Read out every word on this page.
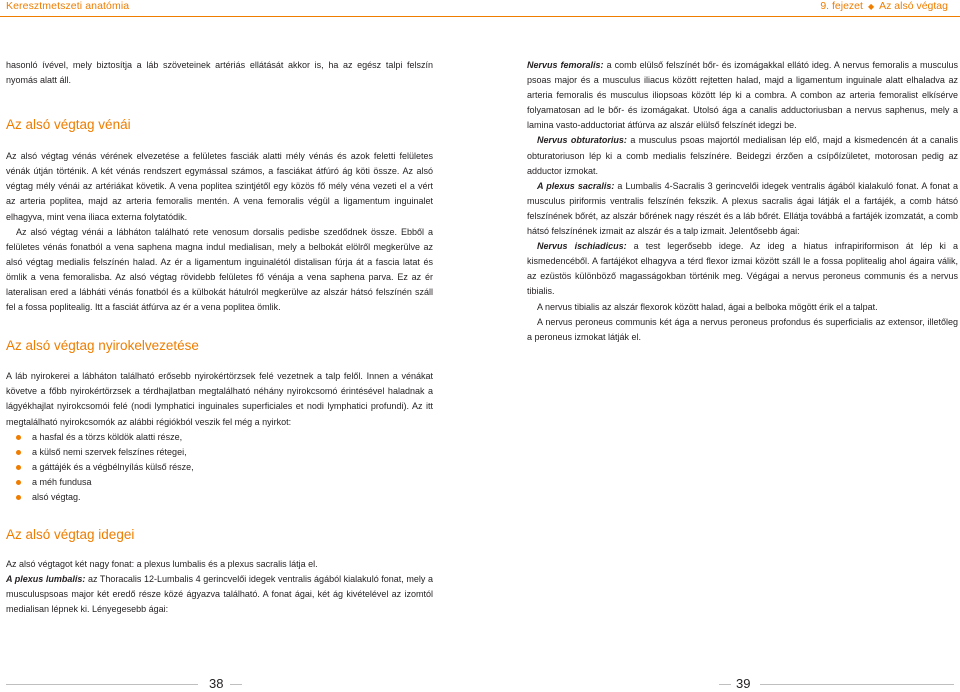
Keresztmetszeti anatómia	9. fejezet ◆ Az alsó végtag

hasonló ívével, mely biztosítja a láb szöveteinek artériás ellátását akkor is, ha az egész talpi felszín nyomás alatt áll.

Az alsó végtag vénái

Az alsó végtag vénás vérének elvezetése a felületes fasciák alatti mély vénás és azok feletti felületes vénák útján történik. A két vénás rendszert egymással számos, a fasciákat átfúró ág köti össze. Az alsó végtag mély vénái az artériákat követik. A vena poplitea szintjétől egy közös fő mély véna vezeti el a vért az arteria poplitea, majd az arteria femoralis mentén. A vena femoralis végül a ligamentum inguinalet elhagyva, mint vena iliaca externa folytatódik.

Az alsó végtag vénái a lábháton található rete venosum dorsalis pedisbe szedődnek össze. Ebből a felületes vénás fonatból a vena saphena magna indul medialisan, mely a belbokát elölről megkerülve az alsó végtag medialis felszínén halad. Az ér a ligamentum inguinalétól distalisan fúrja át a fascia latat és ömlik a vena femoralisba. Az alsó végtag rövidebb felületes fő vénája a vena saphena parva. Ez az ér lateralisan ered a lábháti vénás fonatból és a külbokát hátulról megkerülve az alszár hátsó felszínén száll fel a fossa poplitealig. Itt a fasciát átfúrva az ér a vena poplitea ömlik.

Az alsó végtag nyirokelvezetése

A láb nyirokerei a lábháton található erősebb nyirokértörzsek felé vezetnek a talp felől. Innen a vénákat követve a főbb nyirokértörzsek a térdhajlatban megtalálható néhány nyirokcsomó érintésével haladnak a lágyékhajlat nyirokcsomói felé (nodi lymphatici inguinales superficiales et nodi lymphatici profundi). Az itt megtalálható nyirokcsomók az alábbi régiókból veszik fel még a nyirkot:

a hasfal és a törzs köldök alatti része,
a külső nemi szervek felszínes rétegei,
a gáttájék és a végbélnyílás külső része,
a méh fundusa
alsó végtag.
Az alsó végtag idegei

Az alsó végtagot két nagy fonat: a plexus lumbalis és a plexus sacralis látja el.

A plexus lumbalis: az Thoracalis 12-Lumbalis 4 gerincvelői idegek ventralis ágából kialakuló fonat, mely a musculuspsoas major két eredő része közé ágyazva található. A fonat ágai, két ág kivételével az izomtól medialisan lépnek ki. Lényegesebb ágai:

Nervus femoralis: a comb elülső felszínét bőr- és izomágakkal ellátó ideg. A nervus femoralis a musculus psoas major és a musculus iliacus között rejtetten halad, majd a ligamentum inguinale alatt elhaladva az arteria femoralis és musculus iliopsoas között lép ki a combra. A combon az arteria femoralist elkísérve folyamatosan ad le bőr- és izomágakat. Utolsó ága a canalis adductoriusban a nervus saphenus, mely a lamina vasto-adductoriat átfúrva az alszár elülső felszínét idegzi be.

Nervus obturatorius: a musculus psoas majortól medialisan lép elő, majd a kismedencén át a canalis obturatoriuson lép ki a comb medialis felszínére. Beidegzi érzően a csípőízületet, motorosan pedig az adductor izmokat.

A plexus sacralis: a Lumbalis 4-Sacralis 3 gerincvelői idegek ventralis ágából kialakuló fonat. A fonat a musculus piriformis ventralis felszínén fekszik. A plexus sacralis ágai látják el a fartájék, a comb hátsó felszínének bőrét, az alszár bőrének nagy részét és a láb bőrét. Ellátja továbbá a fartájék izomzatát, a comb hátsó felszínének izmait az alszár és a talp izmait. Jelentősebb ágai:

Nervus ischiadicus: a test legerősebb idege. Az ideg a hiatus infrapiriformison át lép ki a kismedencéből. A fartájékot elhagyva a térd flexor izmai között száll le a fossa poplitealig ahol ágaira válik, az ezüstös különböző magasságokban történik meg. Végágai a nervus peroneus communis és a nervus tibialis.

A nervus tibialis az alszár flexorok között halad, ágai a belboka mögött érik el a talpat.

A nervus peroneus communis két ága a nervus peroneus profondus és superficialis az extensor, illetőleg a peroneus izmokat látják el.

38	39
